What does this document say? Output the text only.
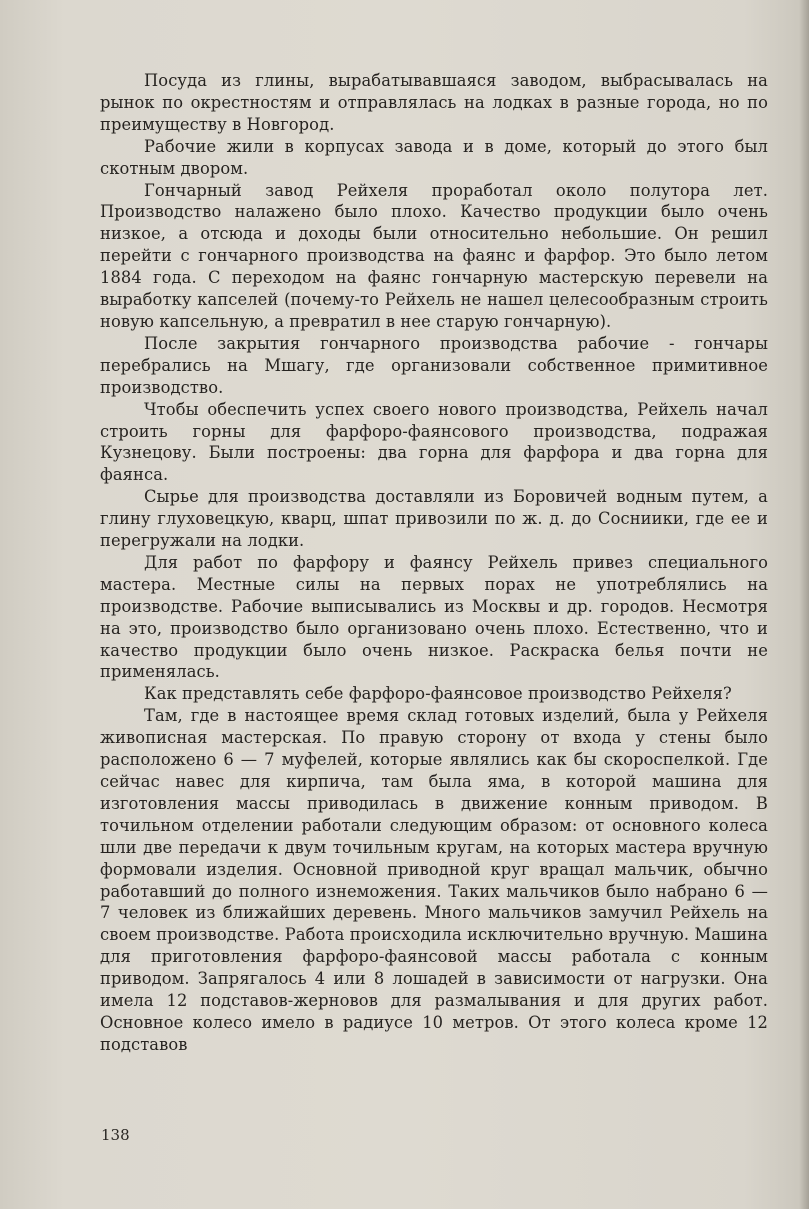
Посуда из глины, вырабатывавшаяся заводом, выбрасывалась на рынок по окрестностям и отправлялась на лодках в разные города, но по преимуществу в Новгород.

Рабочие жили в корпусах завода и в доме, который до этого был скотным двором.

Гончарный завод Рейхеля проработал около полутора лет. Производство налажено было плохо. Качество продукции было очень низкое, а отсюда и доходы были относительно небольшие. Он решил перейти с гончарного производства на фаянс и фарфор. Это было летом 1884 года. С переходом на фаянс гончарную мастерскую перевели на выработку капселей (почему-то Рейхель не нашел целесообразным строить новую капсельную, а превратил в нее старую гончарную).

После закрытия гончарного производства рабочие - гончары перебрались на Мшагу, где организовали собственное примитивное производство.

Чтобы обеспечить успех своего нового производства, Рейхель начал строить горны для фарфоро-фаянсового производства, подражая Кузнецову. Были построены: два горна для фарфора и два горна для фаянса.

Сырье для производства доставляли из Боровичей водным путем, а глину глуховецкую, кварц, шпат привозили по ж. д. до Сосниики, где ее и перегружали на лодки.

Для работ по фарфору и фаянсу Рейхель привез специального мастера. Местные силы на первых порах не употреблялись на производстве. Рабочие выписывались из Москвы и др. городов. Несмотря на это, производство было организовано очень плохо. Естественно, что и качество продукции было очень низкое. Раскраска белья почти не применялась.

Как представлять себе фарфоро-фаянсовое производство Рейхеля?

Там, где в настоящее время склад готовых изделий, была у Рейхеля живописная мастерская. По правую сторону от входа у стены было расположено 6 — 7 муфелей, которые являлись как бы скороспелкой. Где сейчас навес для кирпича, там была яма, в которой машина для изготовления массы приводилась в движение конным приводом. В точильном отделении работали следующим образом: от основного колеса шли две передачи к двум точильным кругам, на которых мастера вручную формовали изделия. Основной приводной круг вращал мальчик, обычно работавший до полного изнеможения. Таких мальчиков было набрано 6 — 7 человек из ближайших деревень. Много мальчиков замучил Рейхель на своем производстве. Работа происходила исключительно вручную. Машина для приготовления фарфоро-фаянсовой массы работала с конным приводом. Запрягалось 4 или 8 лошадей в зависимости от нагрузки. Она имела 12 подставов-жерновов для размалывания и для других работ. Основное колесо имело в радиусе 10 метров. От этого колеса кроме 12 подставов

138
